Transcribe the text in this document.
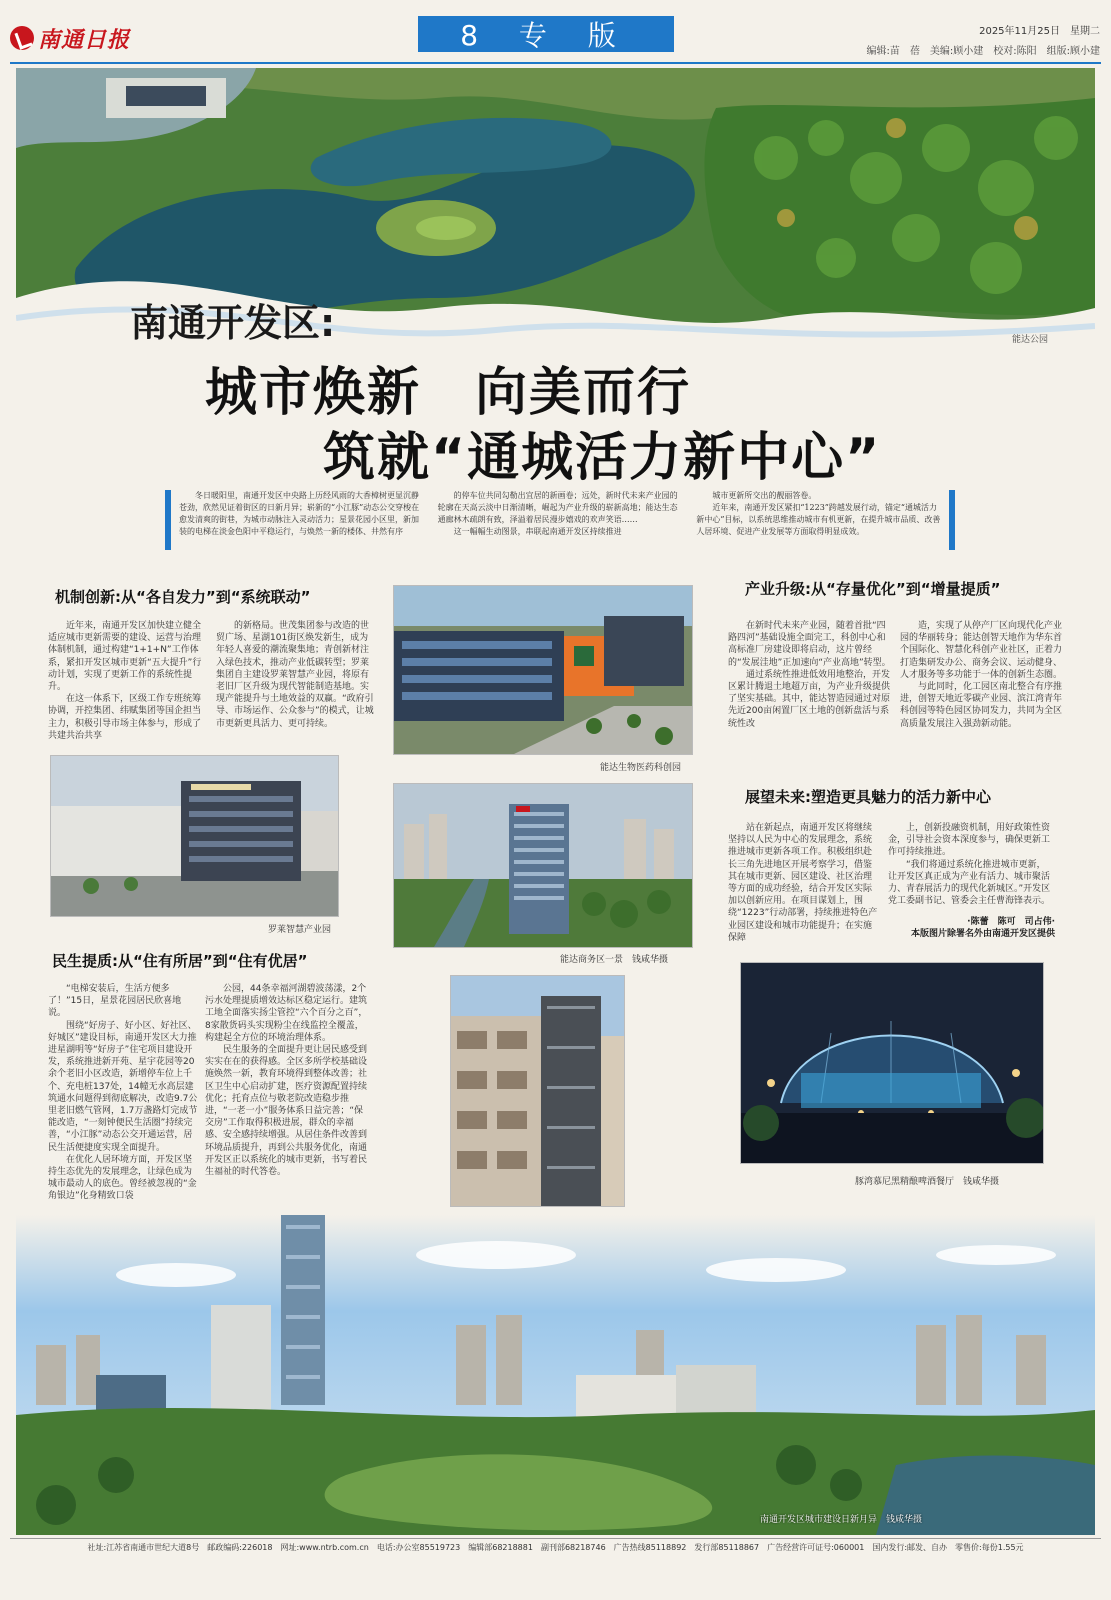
南通日报	8 专 版	2025年11月25日　星期二
编辑:苗　蓓　美编:顾小建　校对:陈阳　组版:顾小建
能达公园
南通开发区:
城市焕新　向美而行
筑就“通城活力新中心”
冬日暖阳里，南通开发区中央路上历经风雨的大香樟树更显沉静苍劲，欣然见证着街区的日新月异；崭新的“小江豚”动态公交穿梭在愈发清爽的街巷，为城市动脉注入灵动活力；星景花园小区里，新加装的电梯在淡金色阳中平稳运行，与焕然一新的楼体、井然有序

的停车位共同勾勒出宜居的新画卷；远处，新时代未来产业园的轮廓在天高云淡中日渐清晰，崛起为产业升级的崭新高地；能达生态通廊林木疏朗有致，泽溢着居民漫步嬉戏的欢声笑语……

这一幅幅生动图景，串联起南通开发区持续推进

城市更新所交出的靓丽答卷。

近年来，南通开发区紧扣“1223”跨越发展行动，锚定“通城活力新中心”目标，以系统思维推动城市有机更新，在提升城市品质、改善人居环境、促进产业发展等方面取得明显成效。

机制创新:从“各自发力”到“系统联动”

近年来，南通开发区加快建立健全适应城市更新需要的建设、运营与治理体制机制，通过构建“1+1+N”工作体系，紧扣开发区城市更新“五大提升”行动计划，实现了更新工作的系统性提升。

在这一体系下，区级工作专班统筹协调，开控集团、纬赋集团等国企担当主力，积极引导市场主体参与，形成了共建共治共享

的新格局。世茂集团参与改造的世贸广场、星湖101街区焕发新生，成为年轻人喜爱的潮流聚集地；青创新材注入绿色技术，推动产业低碳转型；罗莱集团自主建设罗莱智慧产业园，将原有老旧厂区升级为现代智能制造基地。实现产能提升与土地效益的双赢。“政府引导、市场运作、公众参与”的模式，让城市更新更具活力、更可持续。
能达生物医药科创园
罗莱智慧产业园
产业升级:从“存量优化”到“增量提质”

在新时代未来产业园，随着首批“四路四河”基础设施全面完工，科创中心和高标准厂房建设即将启动，这片曾经的“发展洼地”正加速向“产业高地”转型。

通过系统性推进低效用地整治，开发区累计腾退土地超万亩，为产业升级提供了坚实基础。其中，能达智造园通过对原先近200亩闲置厂区土地的创新盘活与系统性改

造，实现了从停产厂区向现代化产业园的华丽转身；能达创智天地作为华东首个国际化、智慧化科创产业社区，正着力打造集研发办公、商务会议、运动健身、人才服务等多功能于一体的创新生态圈。

与此同时，化工园区南北整合有序推进，创智天地近零碳产业园、滨江湾青年科创园等特色园区协同发力，共同为全区高质量发展注入强劲新动能。

能达商务区一景　钱咸华摄
展望未来:塑造更具魅力的活力新中心
站在新起点，南通开发区将继续坚持以人民为中心的发展理念，系统推进城市更新各项工作。积极组织赴长三角先进地区开展考察学习，借鉴其在城市更新、园区建设、社区治理等方面的成功经验，结合开发区实际加以创新应用。在项目谋划上，围绕“1223”行动部署，持续推进特色产业园区建设和城市功能提升；在实施保障

上，创新投融资机制，用好政策性资金，引导社会资本深度参与，确保更新工作可持续推进。

“我们将通过系统化推进城市更新，让开发区真正成为产业有活力、城市聚活力、青春展活力的现代化新城区。”开发区党工委副书记、管委会主任曹海锋表示。

·陈蕾　陈可　司占伟·
本版图片除署名外由南通开发区提供
民生提质:从“住有所居”到“住有优居”

“电梯安装后，生活方便多了！”15日，星景花园居民欣喜地说。

围绕“好房子、好小区、好社区、好城区”建设目标，南通开发区大力推进星湖明等“好房子”住宅项目建设开发，系统推进新开苑、星宇花园等20余个老旧小区改造，新增停车位上千个、充电桩137处，14幢无水高层建筑通水问题得到彻底解决，改造9.7公里老旧燃气管网，1.7万盏路灯完成节能改造，“一刻钟便民生活圈”持续完善，“小江豚”动态公交开通运营，居民生活便捷度实现全面提升。

在优化人居环境方面，开发区坚持生态优先的发展理念，让绿色成为城市最动人的底色。曾经被忽视的“金角银边”化身精致口袋

公园，44条幸福河湖碧波荡漾，2个污水处理提质增效达标区稳定运行。建筑工地全面落实扬尘管控“六个百分之百”，8家散货码头实现粉尘在线监控全覆盖，构建起全方位的环境治理体系。

民生服务的全面提升更让居民感受到实实在在的获得感。全区多所学校基础设施焕然一新，教育环境得到整体改善；社区卫生中心启动扩建，医疗资源配置持续优化；托育点位与敬老院改造稳步推进，“一老一小”服务体系日益完善；“保交房”工作取得积极进展，群众的幸福感、安全感持续增强。从居住条件改善到环境品质提升，再到公共服务优化，南通开发区正以系统化的城市更新，书写着民生福祉的时代答卷。

豚湾慕尼黑精酿啤酒餐厅　钱咸华摄
南通开发区城市建设日新月异　钱咸华摄
社址:江苏省南通市世纪大道8号　邮政编码:226018　网址:www.ntrb.com.cn　电话:办公室85519723　编辑部68218881　副刊部68218746　广告热线85118892　发行部85118867　广告经营许可证号:060001　国内发行:邮发、自办　零售价:每份1.55元
